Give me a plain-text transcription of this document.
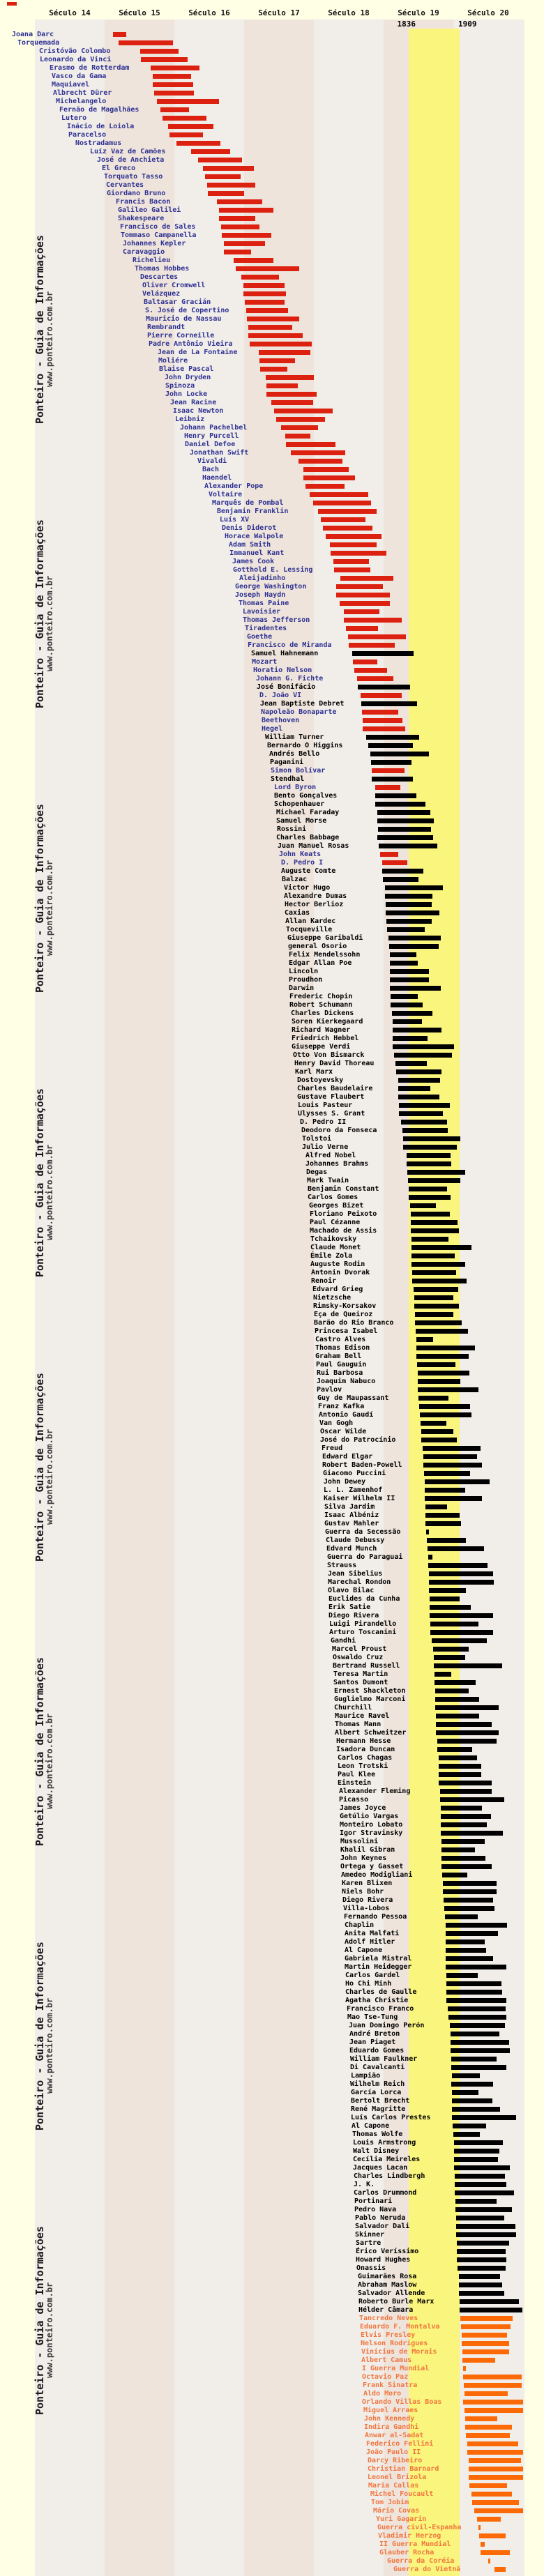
Século 14	Século 15	Século 16	Século 17	Século 18	Século 19	Século 20
1836	1909
Joana Darc
Torquemada
Cristóvão Colombo
Leonardo da Vinci
Erasmo de Rotterdam
Vasco da Gama
Maquiavel
Albrecht Dürer
Michelangelo
Fernão de Magalhães
Lutero
Inácio de Loiola
Paracelso
Nostradamus
Luíz Vaz de Camões
José de Anchieta
El Greco
Torquato Tasso
Cervantes
Giordano Bruno
Francis Bacon
Galileo Galilei
Shakespeare
Francisco de Sales
Tommaso Campanella
Johannes Kepler
Caravaggio
Richelieu
Thomas Hobbes
Descartes
Oliver Cromwell
Velázquez
Baltasar Gracián
S. José de Copertino
Mauricio de Nassau
Rembrandt
Pierre Corneille
Padre Antônio Vieira
Jean de La Fontaine
Moliére
Blaise Pascal
John Dryden
Spinoza
John Locke
Jean Racine
Isaac Newton
Leibniz
Johann Pachelbel
Henry Purcell
Daniel Defoe
Jonathan Swift
Vivaldi
Bach
Haendel
Alexander Pope
Voltaire
Marquês de Pombal
Benjamin Franklin
Luís XV
Denis Diderot
Horace Walpole
Adam Smith
Immanuel Kant
James Cook
Gotthold E. Lessing
Aleijadinho
George Washington
Joseph Haydn
Thomas Paine
Lavoisier
Thomas Jefferson
Tiradentes
Goethe
Francisco de Miranda
Samuel Hahnemann
Mozart
Horatio Nelson
Johann G. Fichte
José Bonifácio
D. João VI
Jean Baptiste Debret
Napoleão Bonaparte
Beethoven
Hegel
William Turner
Bernardo O Higgins
Andrés Bello
Paganini
Simon Bolívar
Stendhal
Lord Byron
Bento Gonçalves
Schopenhauer
Michael Faraday
Samuel Morse
Rossini
Charles Babbage
Juan Manuel Rosas
John Keats
D. Pedro I
Auguste Comte
Balzac
Victor Hugo
Alexandre Dumas
Hector Berlioz
Caxias
Allan Kardec
Tocqueville
Giuseppe Garibaldi
general Osorio
Felix Mendelssohn
Edgar Allan Poe
Lincoln
Proudhon
Darwin
Frederic Chopin
Robert Schumann
Charles Dickens
Soren Kierkegaard
Richard Wagner
Friedrich Hebbel
Giuseppe Verdi
Otto Von Bismarck
Henry David Thoreau
Karl Marx
Dostoyevsky
Charles Baudelaire
Gustave Flaubert
Louis Pasteur
Ulysses S. Grant
D. Pedro II
Deodoro da Fonseca
Tolstoi
Julio Verne
Alfred Nobel
Johannes Brahms
Degas
Mark Twain
Benjamin Constant
Carlos Gomes
Georges Bizet
Floriano Peixoto
Paul Cézanne
Machado de Assis
Tchaikovsky
Claude Monet
Émile Zola
Auguste Rodin
Antonin Dvorak
Renoir
Edvard Grieg
Nietzsche
Rimsky-Korsakov
Eça de Queiroz
Barão do Rio Branco
Princesa Isabel
Castro Alves
Thomas Edison
Graham Bell
Paul Gauguin
Rui Barbosa
Joaquim Nabuco
Pavlov
Guy de Maupassant
Franz Kafka
Antonio Gaudí
Van Gogh
Oscar Wilde
José do Patrocínio
Freud
Edward Elgar
Robert Baden-Powell
Giacomo Puccini
John Dewey
L. L. Zamenhof
Kaiser Wilhelm II
Silva Jardim
Isaac Albéniz
Gustav Mahler
Guerra da Secessão
Claude Debussy
Edvard Munch
Guerra do Paraguai
Strauss
Jean Sibelius
Marechal Rondon
Olavo Bilac
Euclides da Cunha
Erik Satie
Diego Rivera
Luigi Pirandello
Arturo Toscanini
Gandhi
Marcel Proust
Oswaldo Cruz
Bertrand Russell
Teresa Martin
Santos Dumont
Ernest Shackleton
Guglielmo Marconi
Churchill
Maurice Ravel
Thomas Mann
Albert Schweitzer
Hermann Hesse
Isadora Duncan
Carlos Chagas
Leon Trotski
Paul Klee
Einstein
Alexander Fleming
Picasso
James Joyce
Getúlio Vargas
Monteiro Lobato
Igor Stravinsky
Mussolini
Khalil Gibran
John Keynes
Ortega y Gasset
Amedeo Modigliani
Karen Blixen
Niels Bohr
Diego Rivera
Villa-Lobos
Fernando Pessoa
Chaplin
Anita Malfati
Adolf Hitler
Al Capone
Gabriela Mistral
Martin Heidegger
Carlos Gardel
Ho Chi Minh
Charles de Gaulle
Agatha Christie
Francisco Franco
Mao Tse-Tung
Juan Domingo Perón
André Breton
Jean Piaget
Eduardo Gomes
William Faulkner
Di Cavalcanti
Lampião
Wilhelm Reich
García Lorca
Bertolt Brecht
René Magritte
Luís Carlos Prestes
Al Capone
Thomas Wolfe
Louis Armstrong
Walt Disney
Cecília Meireles
Jacques Lacan
Charles Lindbergh
J. K.
Carlos Drummond
Portinari
Pedro Nava
Pablo Neruda
Salvador Dali
Skinner
Sartre
Érico Veríssimo
Howard Hughes
Onassis
Guimarães Rosa
Abraham Maslow
Salvador Allende
Roberto Burle Marx
Hélder Câmara
Tancredo Neves
Eduardo F. Montalva
Elvis Presley
Nelson Rodrigues
Vinícius de Morais
Albert Camus
I Guerra Mundial
Octavio Paz
Frank Sinatra
Aldo Moro
Orlando Villas Boas
Miguel Arraes
John Kennedy
Indira Gandhi
Anwar al-Sadat
Federico Fellini
João Paulo II
Darcy Ribeiro
Christian Barnard
Leonel Brizola
Maria Callas
Michel Foucault
Tom Jobim
Mário Covas
Yuri Gagarin
Guerra civil-Espanha
Vladimir Herzog
II Guerra Mundial
Glauber Rocha
Guerra da Coréia
Guerra do Vietnã
Ponteiro - Guia de Informações
www.ponteiro.com.br
Ponteiro - Guia de Informações
www.ponteiro.com.br
Ponteiro - Guia de Informações
www.ponteiro.com.br
Ponteiro - Guia de Informações
www.ponteiro.com.br
Ponteiro - Guia de Informações
www.ponteiro.com.br
Ponteiro - Guia de Informações
www.ponteiro.com.br
Ponteiro - Guia de Informações
www.ponteiro.com.br
Ponteiro - Guia de Informações
www.ponteiro.com.br
